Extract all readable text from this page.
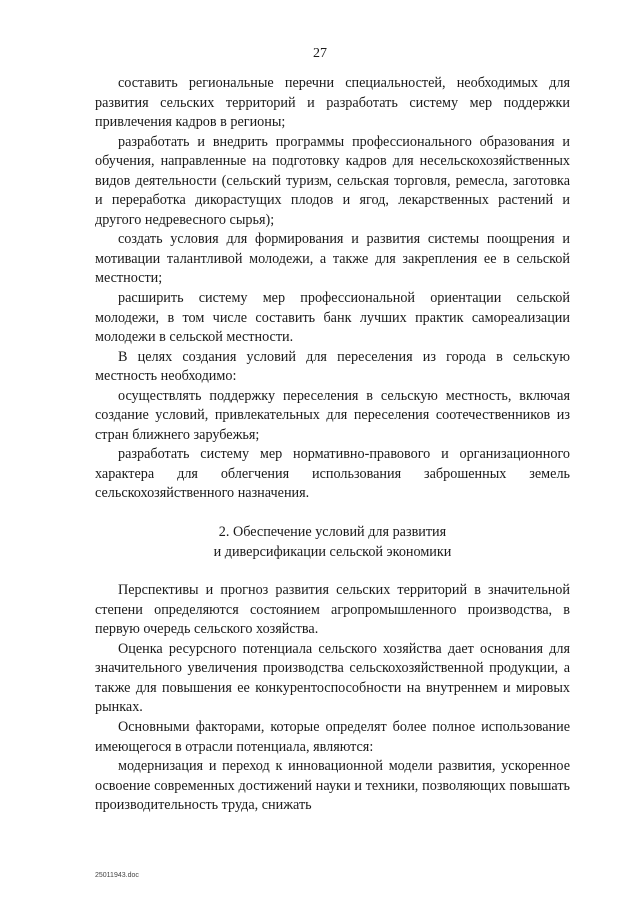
27

составить региональные перечни специальностей, необходимых для развития сельских территорий и разработать систему мер поддержки привлечения кадров в регионы;

разработать и внедрить программы профессионального образования и обучения, направленные на подготовку кадров для несельскохозяйственных видов деятельности (сельский туризм, сельская торговля, ремесла, заготовка и переработка дикорастущих плодов и ягод, лекарственных растений и другого недревесного сырья);

создать условия для формирования и развития системы поощрения и мотивации талантливой молодежи, а также для закрепления ее в сельской местности;

расширить систему мер профессиональной ориентации сельской молодежи, в том числе составить банк лучших практик самореализации молодежи в сельской местности.

В целях создания условий для переселения из города в сельскую местность необходимо:

осуществлять поддержку переселения в сельскую местность, включая создание условий, привлекательных для переселения соотечественников из стран ближнего зарубежья;

разработать систему мер нормативно-правового и организационного характера для облегчения использования заброшенных земель сельскохозяйственного назначения.

2. Обеспечение условий для развития

и диверсификации сельской экономики

Перспективы и прогноз развития сельских территорий в значительной степени определяются состоянием агропромышленного производства, в первую очередь сельского хозяйства.

Оценка ресурсного потенциала сельского хозяйства дает основания для значительного увеличения производства сельскохозяйственной продукции, а также для повышения ее конкурентоспособности на внутреннем и мировых рынках.

Основными факторами, которые определят более полное использование имеющегося в отрасли потенциала, являются:

модернизация и переход к инновационной модели развития, ускоренное освоение современных достижений науки и техники, позволяющих повышать производительность труда, снижать

25011943.doc
